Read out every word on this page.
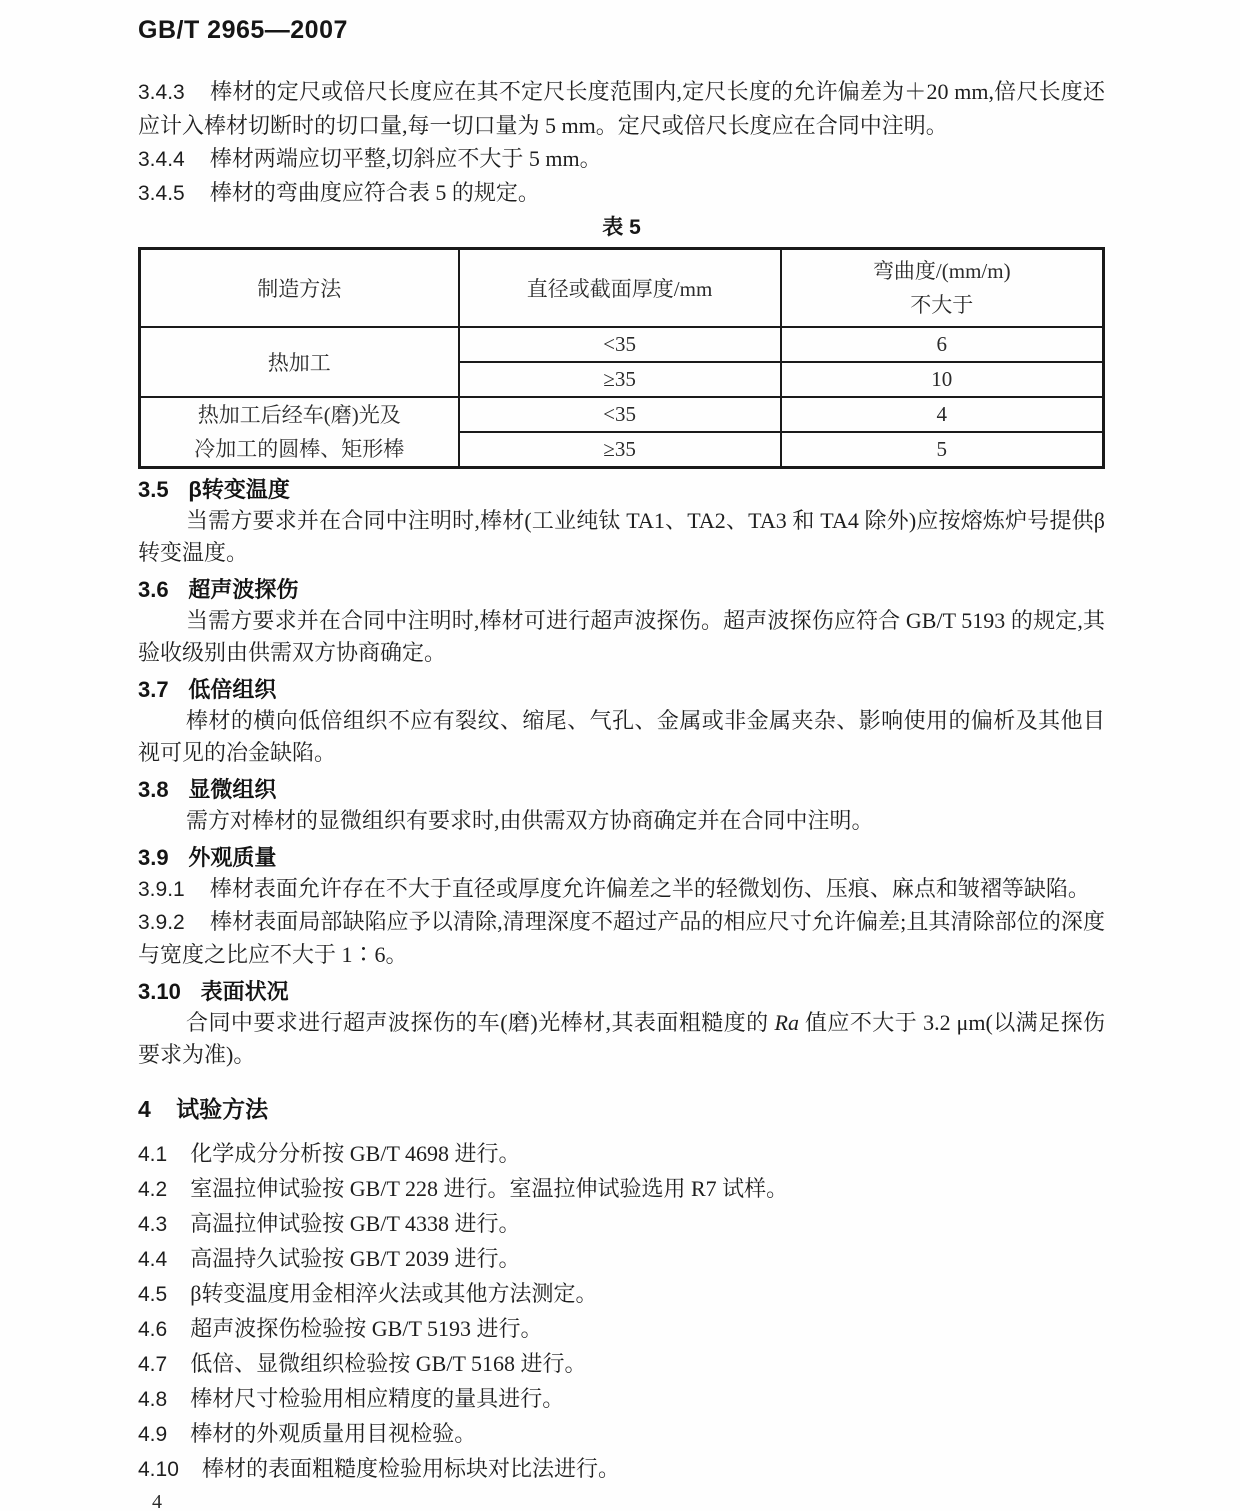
GB/T 2965—2007

3.4.3 棒材的定尺或倍尺长度应在其不定尺长度范围内,定尺长度的允许偏差为＋20 mm,倍尺长度还应计入棒材切断时的切口量,每一切口量为 5 mm。定尺或倍尺长度应在合同中注明。

3.4.4 棒材两端应切平整,切斜应不大于 5 mm。

3.4.5 棒材的弯曲度应符合表 5 的规定。

表 5
制造方法	直径或截面厚度/mm	弯曲度/(mm/m)
不大于

热加工	<35	6
	≥35	10

热加工后经车(磨)光及
冷加工的圆棒、矩形棒	<35	4
	≥35	5
3.5 β转变温度

当需方要求并在合同中注明时,棒材(工业纯钛 TA1、TA2、TA3 和 TA4 除外)应按熔炼炉号提供β转变温度。

3.6 超声波探伤

当需方要求并在合同中注明时,棒材可进行超声波探伤。超声波探伤应符合 GB/T 5193 的规定,其验收级别由供需双方协商确定。

3.7 低倍组织

棒材的横向低倍组织不应有裂纹、缩尾、气孔、金属或非金属夹杂、影响使用的偏析及其他目视可见的冶金缺陷。

3.8 显微组织

需方对棒材的显微组织有要求时,由供需双方协商确定并在合同中注明。

3.9 外观质量

3.9.1 棒材表面允许存在不大于直径或厚度允许偏差之半的轻微划伤、压痕、麻点和皱褶等缺陷。

3.9.2 棒材表面局部缺陷应予以清除,清理深度不超过产品的相应尺寸允许偏差;且其清除部位的深度与宽度之比应不大于 1∶6。

3.10 表面状况

合同中要求进行超声波探伤的车(磨)光棒材,其表面粗糙度的 Ra 值应不大于 3.2 μm(以满足探伤要求为准)。

4 试验方法

4.1 化学成分分析按 GB/T 4698 进行。

4.2 室温拉伸试验按 GB/T 228 进行。室温拉伸试验选用 R7 试样。

4.3 高温拉伸试验按 GB/T 4338 进行。

4.4 高温持久试验按 GB/T 2039 进行。

4.5 β转变温度用金相淬火法或其他方法测定。

4.6 超声波探伤检验按 GB/T 5193 进行。

4.7 低倍、显微组织检验按 GB/T 5168 进行。

4.8 棒材尺寸检验用相应精度的量具进行。

4.9 棒材的外观质量用目视检验。

4.10 棒材的表面粗糙度检验用标块对比法进行。

4
